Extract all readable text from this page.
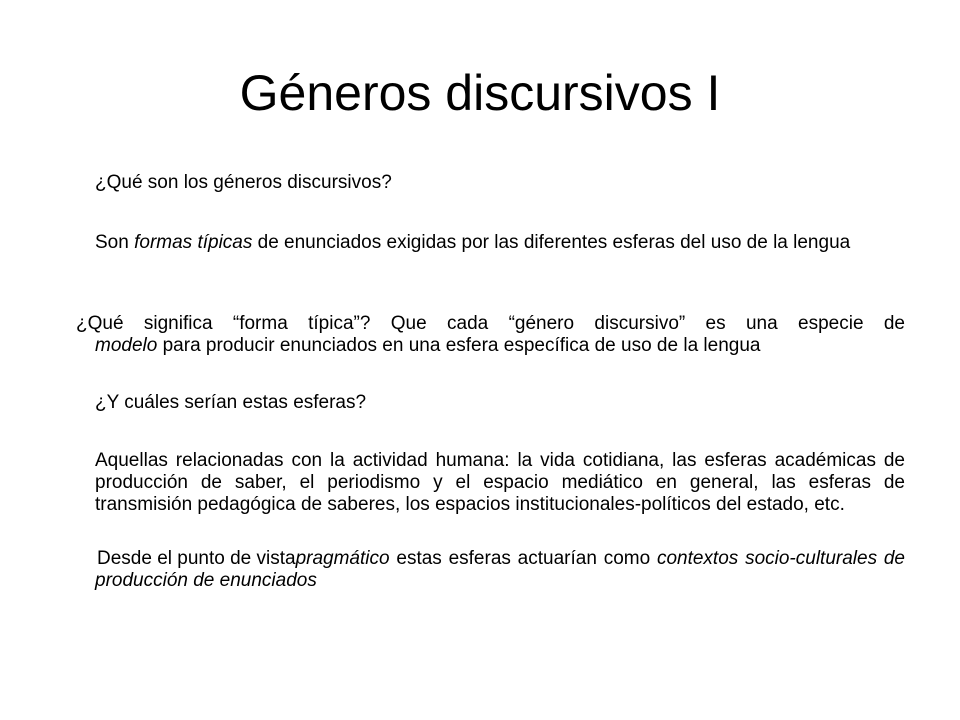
Géneros discursivos I

¿Qué son los géneros discursivos?

Son formas típicas de enunciados exigidas por las diferentes esferas del uso de la lengua

¿Qué significa “forma típica”? Que cada “género discursivo” es una especie de
modelo para producir enunciados en una esfera específica de uso de la lengua

¿Y cuáles serían estas esferas?

Aquellas relacionadas con la actividad humana: la vida cotidiana, las esferas académicas de producción de saber, el periodismo y el espacio mediático en general, las esferas de transmisión pedagógica de saberes, los espacios institucionales-políticos del estado, etc.

Desde el punto de vistapragmático estas esferas actuarían como contextos socio-culturales de producción de enunciados
